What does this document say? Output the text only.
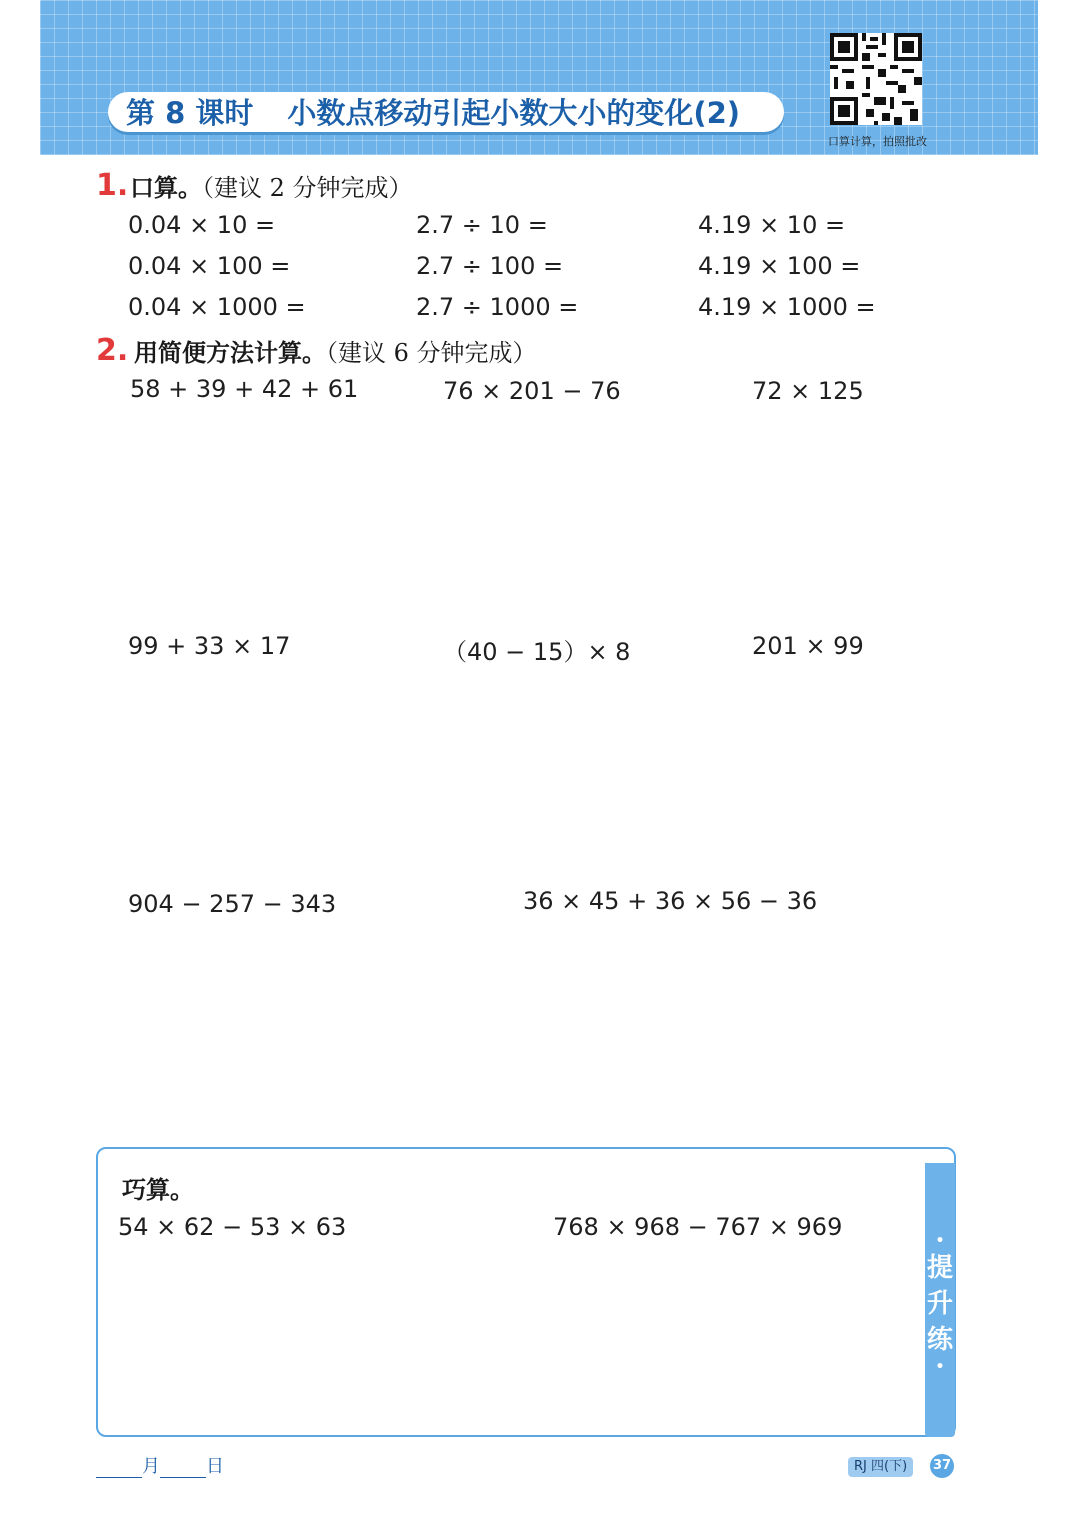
第 8 课时 小数点移动引起小数大小的变化(2)
口算计算，拍照批改
1. 口算。（建议 2 分钟完成）
0.04 × 10 =	2.7 ÷ 10 =	4.19 × 10 =
0.04 × 100 =	2.7 ÷ 100 =	4.19 × 100 =
0.04 × 1000 =	2.7 ÷ 1000 =	4.19 × 1000 =
2. 用简便方法计算。（建议 6 分钟完成）
58 + 39 + 42 + 61	76 × 201 − 76	72 × 125
99 + 33 × 17	（40 − 15）× 8	201 × 99
904 − 257 − 343	36 × 45 + 36 × 56 − 36
•
提
升
练
•
巧算。
54 × 62 − 53 × 63	768 × 968 − 767 × 969
月	日	RJ 四(下)	37
